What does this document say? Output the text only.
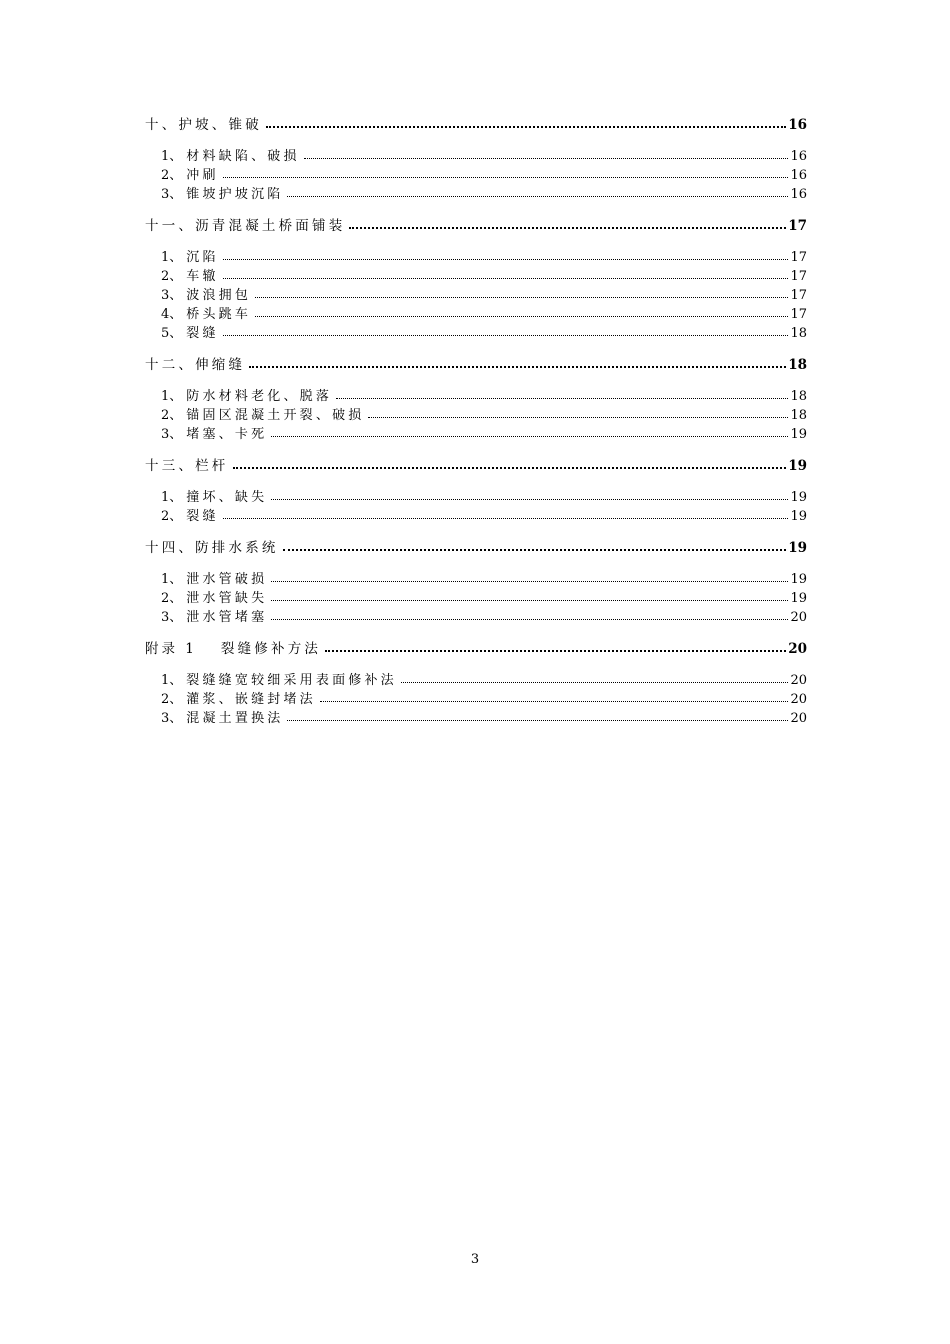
十、护坡、锥破	16
1、 材料缺陷、破损	16
2、 冲刷	16
3、 锥坡护坡沉陷	16
十一、沥青混凝土桥面铺装	17
1、 沉陷	17
2、 车辙	17
3、 波浪拥包	17
4、 桥头跳车	17
5、 裂缝	18
十二、伸缩缝	18
1、 防水材料老化、脱落	18
2、 锚固区混凝土开裂、破损	18
3、 堵塞、卡死	19
十三、栏杆	19
1、 撞坏、缺失	19
2、 裂缝	19
十四、防排水系统	19
1、 泄水管破损	19
2、 泄水管缺失	19
3、 泄水管堵塞	20
附录 1 裂缝修补方法	20
1、 裂缝缝宽较细采用表面修补法	20
2、 灌浆、嵌缝封堵法	20
3、 混凝土置换法	20
3
